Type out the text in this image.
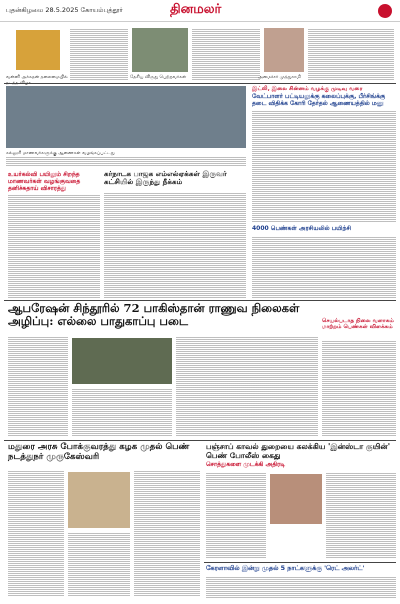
புதன்கிழமை 28.5.2025 கோயம்புத்தூர்	தினமலர்
வன்னி அச்சுதன் தலைமையில்	தேசிய விருது பெற்றவர்கள்	அமைச்சர் முத்துசாமி
கல்லூரி மாணவர்களுக்கு ஆணைகள் வழங்கப்பட்டது
இட்லி, இலை சின்னம் வழக்கு முடிவு வரை
வேட்பாளர் பட்டியலுக்கு கலைப்புக்கு, பீர்சிங்க்கு தடை விதிக்க கோரி தேர்தல் ஆணையத்தில் மனு
உயர்கல்வி பயிலும் சிறந்த மாணவர்கள் வழங்குவதை தனிச்சுதாய் விசாரத்து
கர்நாடக பாஜக எம்எல்ஏக்கள் இருவர் கட்சியில் இருந்து நீக்கம்
4000 பெண்கள் அரசியலில் பயிற்சி
ஆபரேஷன் சிந்தூரில் 72 பாகிஸ்தான் ராணுவ நிலைகள் அழிப்பு: எல்லை பாதுகாப்பு படை	செயல்படாத நிலை வளாகம் மாற்றம் பெண்கள் விளக்கம்
மதுரை அரசு போக்குவரத்து கழக முதல் பெண் நடத்துநர் முருகேஸ்வரி
பஞ்சாப் காவல் துறையை கலக்கிய 'இன்ஸ்டா குயின்' பெண் போலீஸ் கைது
சொத்துகளை முடக்கி அதிரடி
கேரளாவில் இன்று முதல் 5 நாட்களுக்கு 'ரெட் அலர்ட்'
